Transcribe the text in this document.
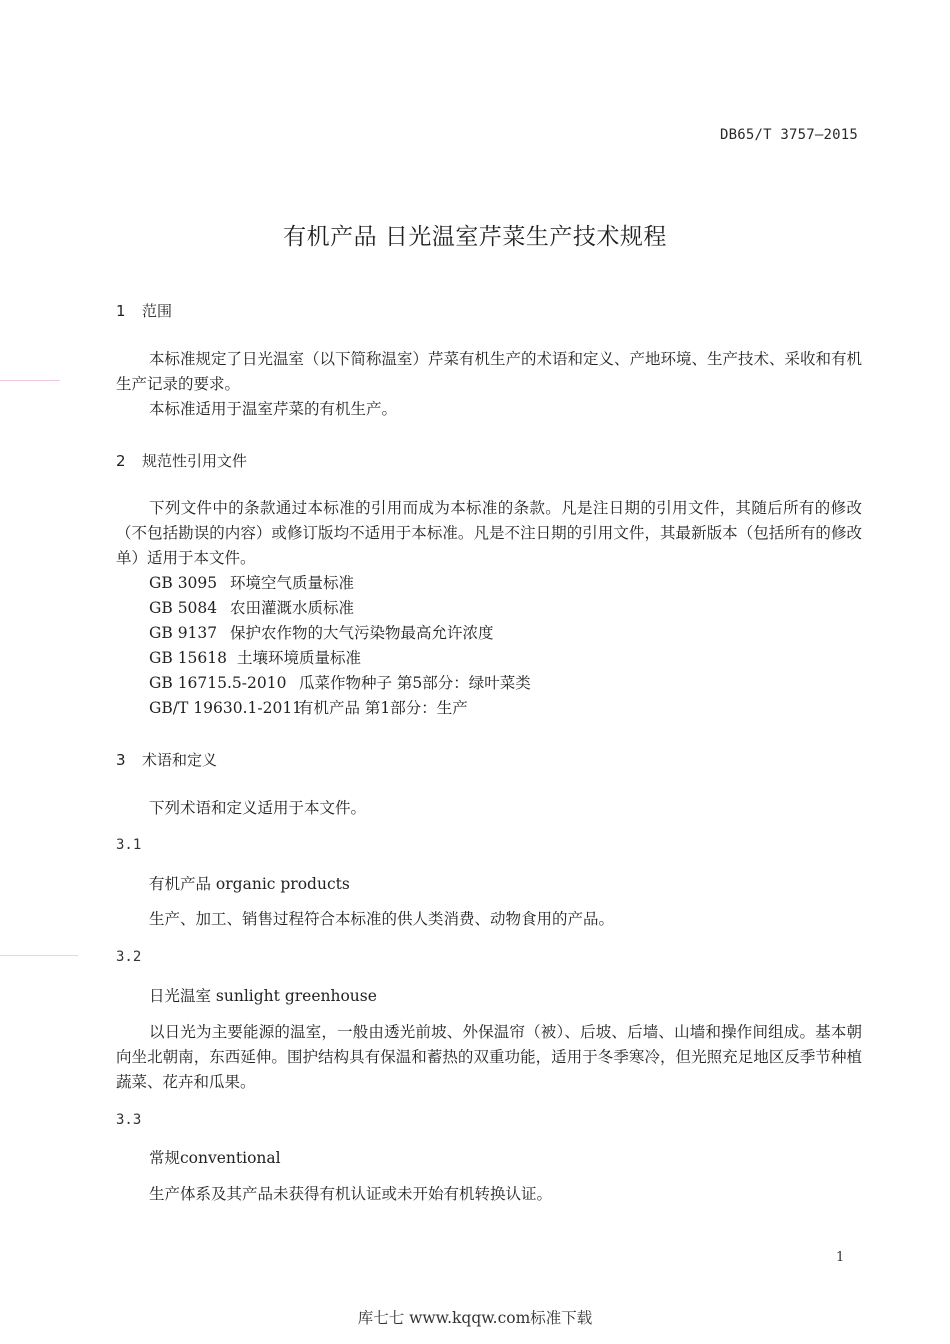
DB65/T 3757—2015
有机产品 日光温室芹菜生产技术规程
1 范围
本标准规定了日光温室（以下简称温室）芹菜有机生产的术语和定义、产地环境、生产技术、采收和有机生产记录的要求。
本标准适用于温室芹菜的有机生产。
2 规范性引用文件
下列文件中的条款通过本标准的引用而成为本标准的条款。凡是注日期的引用文件，其随后所有的修改（不包括勘误的内容）或修订版均不适用于本标准。凡是不注日期的引用文件，其最新版本（包括所有的修改单）适用于本文件。
GB 3095 环境空气质量标准
GB 5084 农田灌溉水质标准
GB 9137 保护农作物的大气污染物最高允许浓度
GB 15618 土壤环境质量标准
GB 16715.5-2010 瓜菜作物种子 第5部分：绿叶菜类
GB/T 19630.1-2011有机产品 第1部分：生产
3 术语和定义
下列术语和定义适用于本文件。
3.1
有机产品 organic products
生产、加工、销售过程符合本标准的供人类消费、动物食用的产品。
3.2
日光温室 sunlight greenhouse
以日光为主要能源的温室，一般由透光前坡、外保温帘（被）、后坡、后墙、山墙和操作间组成。基本朝向坐北朝南，东西延伸。围护结构具有保温和蓄热的双重功能，适用于冬季寒冷，但光照充足地区反季节种植蔬菜、花卉和瓜果。
3.3
常规conventional
生产体系及其产品未获得有机认证或未开始有机转换认证。
1
库七七 www.kqqw.com标准下载
